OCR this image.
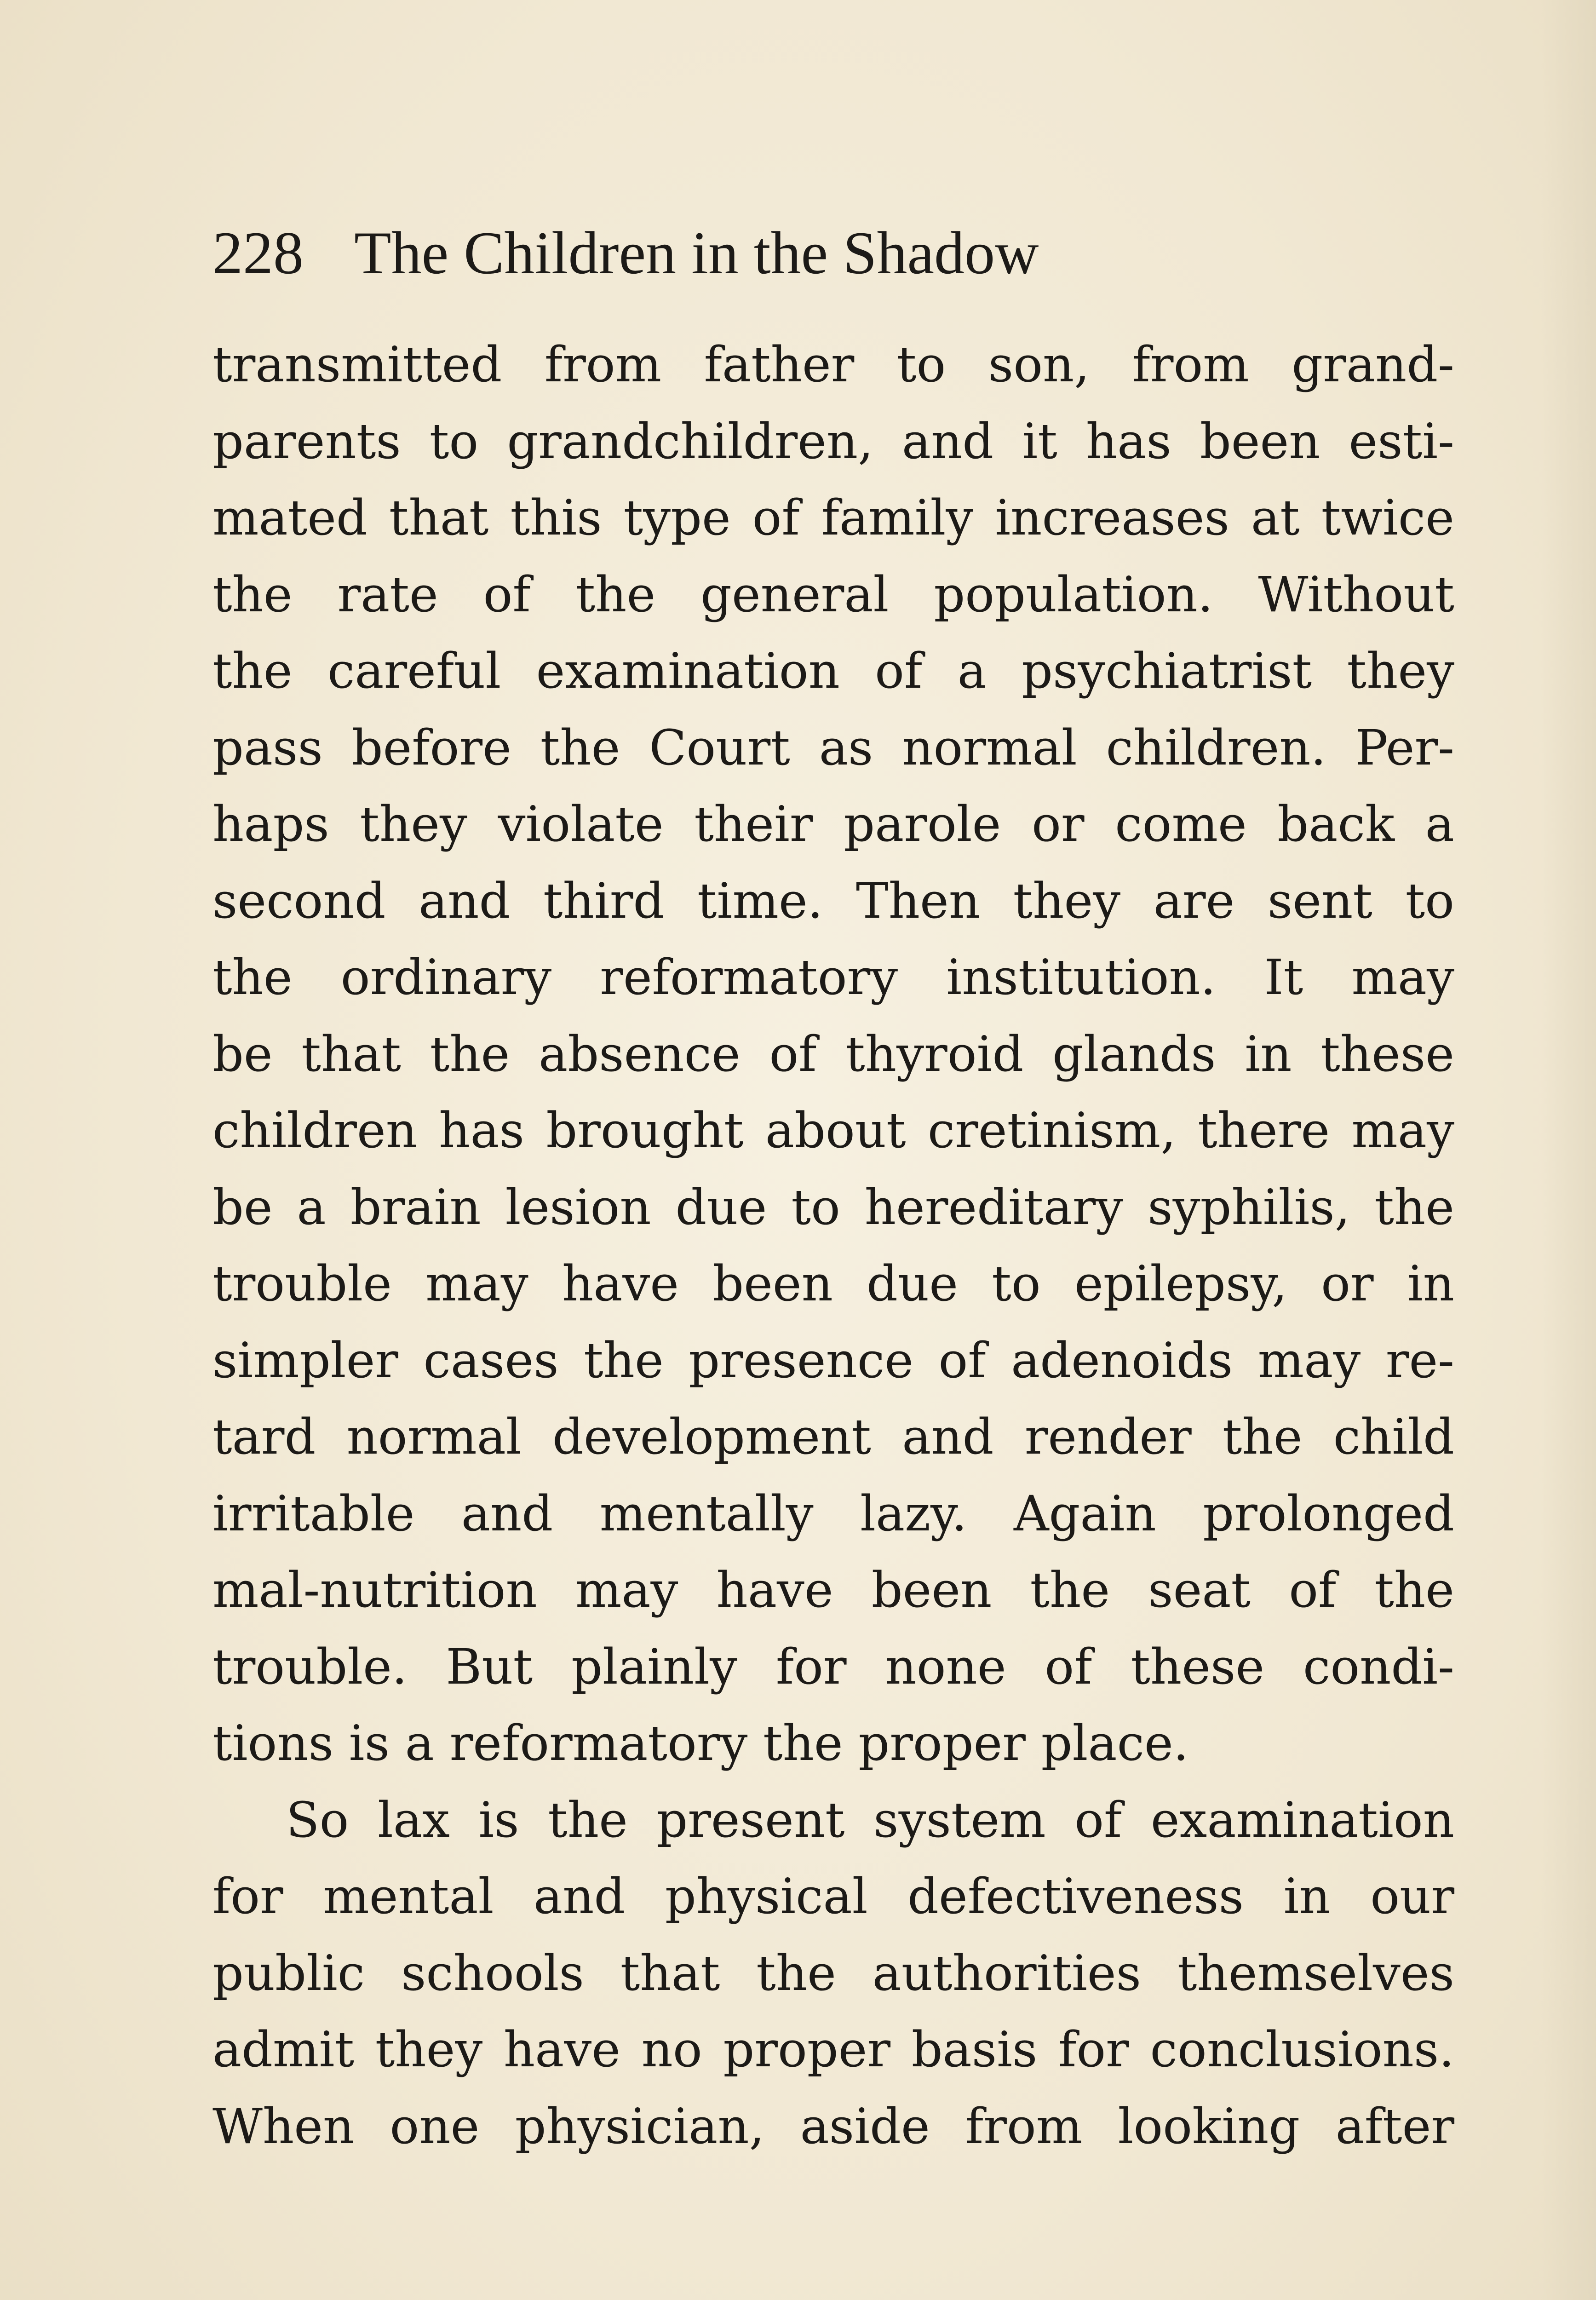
228 The Children in the Shadow
transmitted from father to son, from grand-
parents to grandchildren, and it has been esti-
mated that this type of family increases at twice
the rate of the general population. Without
the careful examination of a psychiatrist they
pass before the Court as normal children. Per-
haps they violate their parole or come back a
second and third time. Then they are sent to
the ordinary reformatory institution. It may
be that the absence of thyroid glands in these
children has brought about cretinism, there may
be a brain lesion due to hereditary syphilis, the
trouble may have been due to epilepsy, or in
simpler cases the presence of adenoids may re-
tard normal development and render the child
irritable and mentally lazy. Again prolonged
mal-nutrition may have been the seat of the
trouble. But plainly for none of these condi-
tions is a reformatory the proper place.
So lax is the present system of examination
for mental and physical defectiveness in our
public schools that the authorities themselves
admit they have no proper basis for conclusions.
When one physician, aside from looking after
